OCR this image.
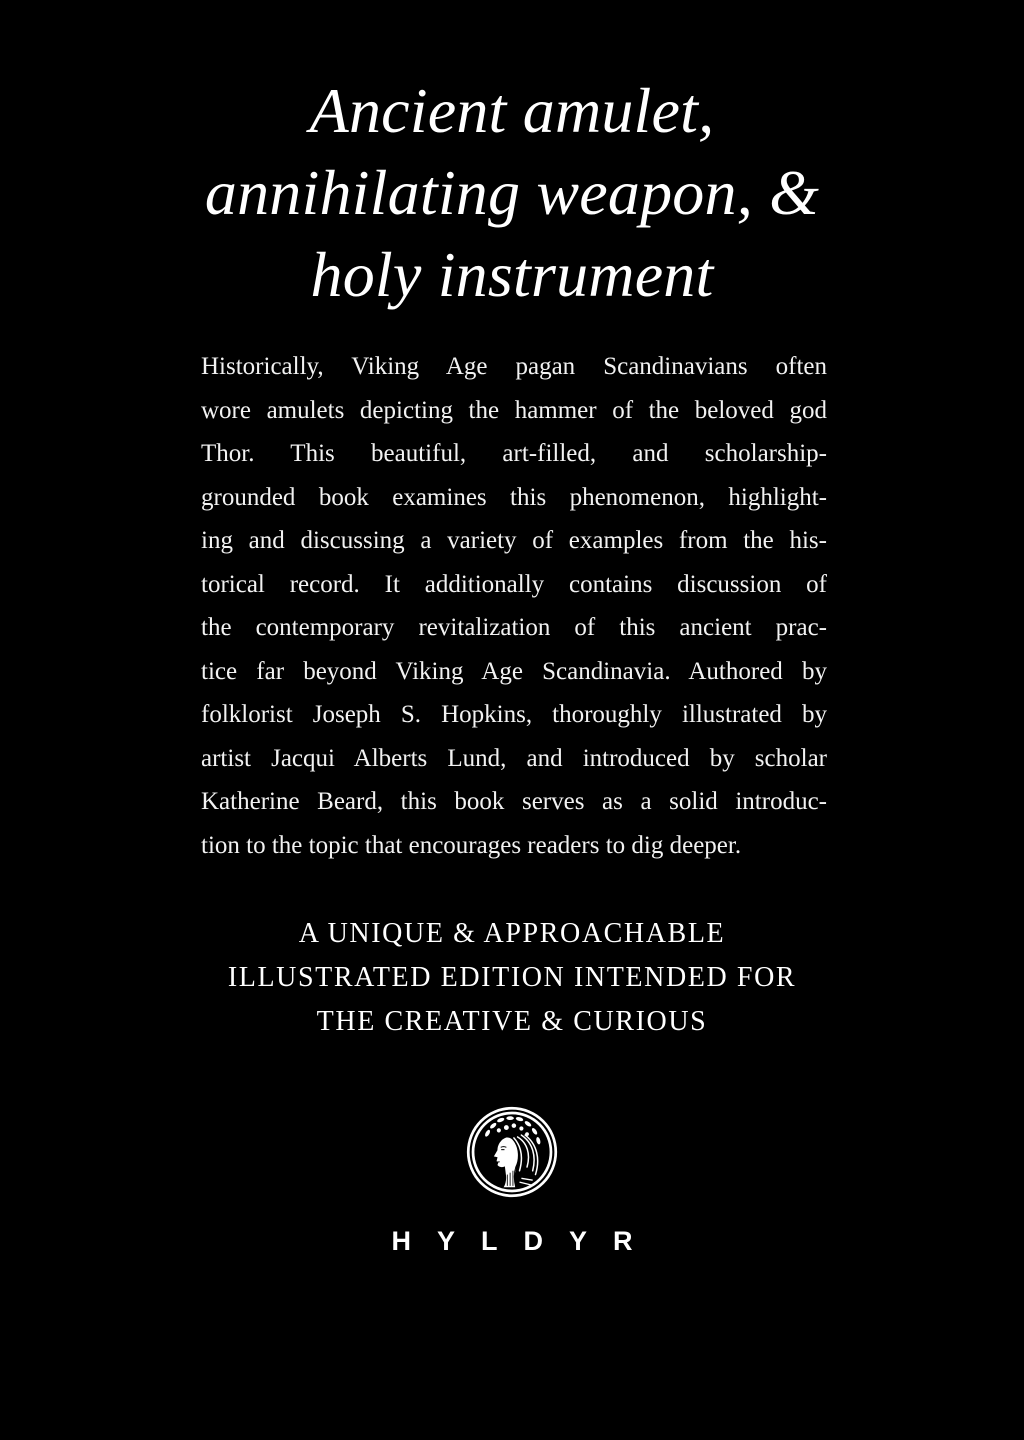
Ancient amulet,
annihilating weapon, &
holy instrument
Historically, Viking Age pagan Scandinavians often
wore amulets depicting the hammer of the beloved god
Thor. This beautiful, art-filled, and scholarship-
grounded book examines this phenomenon, highlight-
ing and discussing a variety of examples from the his-
torical record. It additionally contains discussion of
the contemporary revitalization of this ancient prac-
tice far beyond Viking Age Scandinavia. Authored by
folklorist Joseph S. Hopkins, thoroughly illustrated by
artist Jacqui Alberts Lund, and introduced by scholar
Katherine Beard, this book serves as a solid introduc-
tion to the topic that encourages readers to dig deeper.
A UNIQUE & APPROACHABLE
ILLUSTRATED EDITION INTENDED FOR
THE CREATIVE & CURIOUS
HYLDYR
